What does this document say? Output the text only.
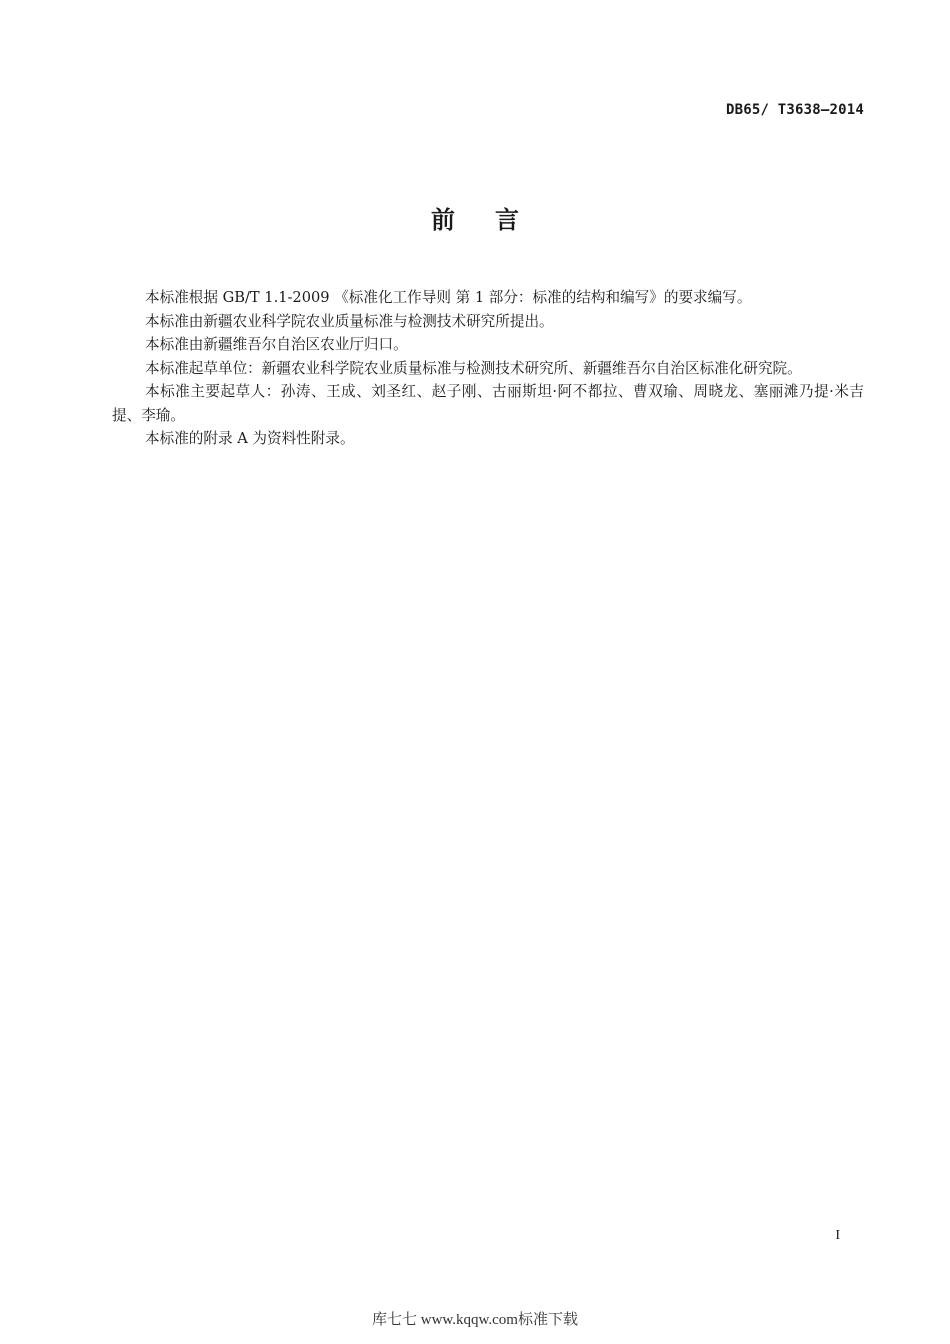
DB65/ T3638—2014
前言

本标准根据 GB/T 1.1-2009 《标准化工作导则 第 1 部分：标准的结构和编写》的要求编写。

本标准由新疆农业科学院农业质量标准与检测技术研究所提出。

本标准由新疆维吾尔自治区农业厅归口。

本标准起草单位：新疆农业科学院农业质量标准与检测技术研究所、新疆维吾尔自治区标准化研究院。

本标准主要起草人：孙涛、王成、刘圣红、赵子刚、古丽斯坦·阿不都拉、曹双瑜、周晓龙、塞丽滩乃提·米吉提、李瑜。

本标准的附录 A 为资料性附录。

I
库七七 www.kqqw.com标准下载
